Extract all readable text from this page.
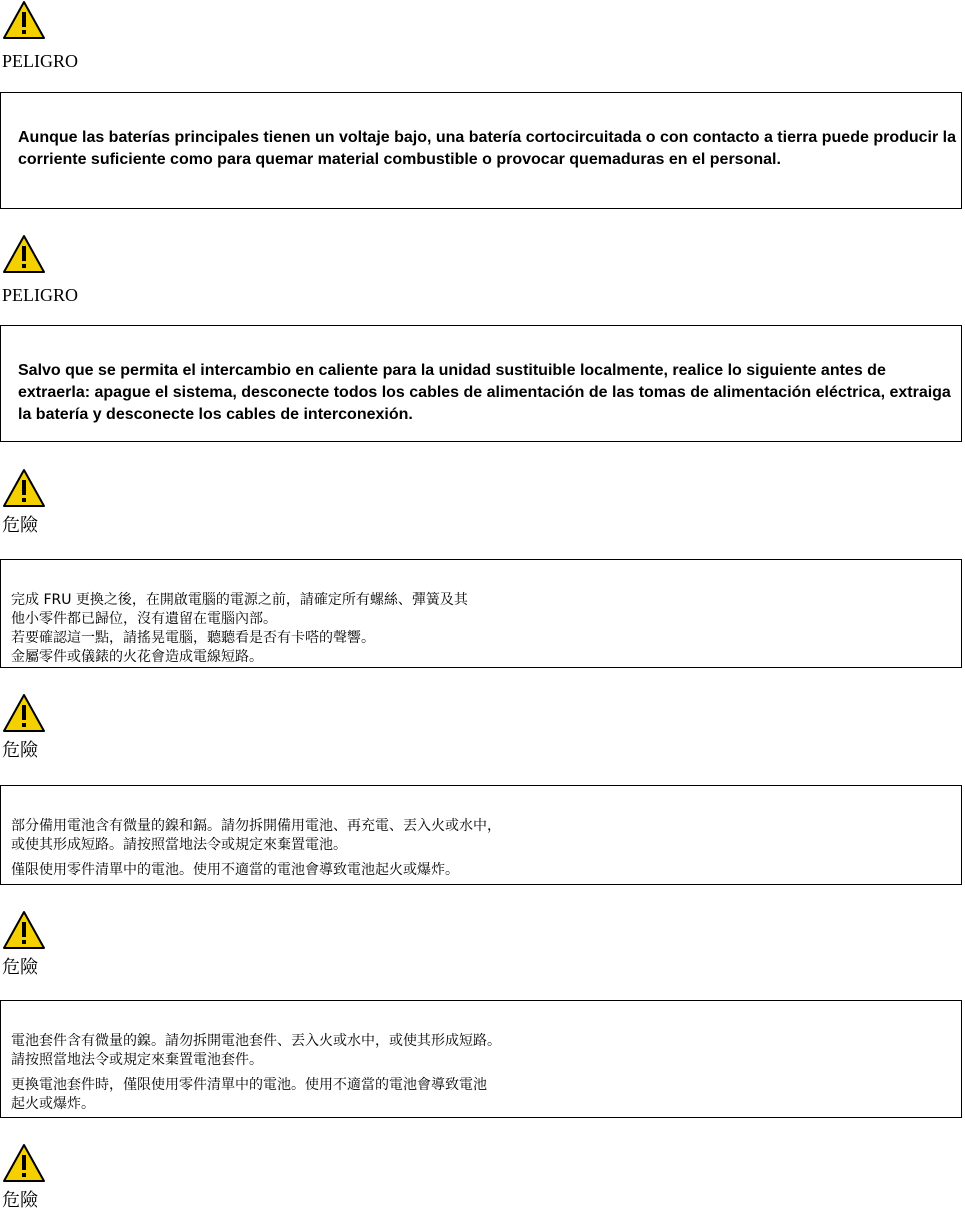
PELIGRO

Aunque las baterías principales tienen un voltaje bajo, una batería cortocircuitada o con contacto a tierra puede producir la corriente suficiente como para quemar material combustible o provocar quemaduras en el personal.

PELIGRO

Salvo que se permita el intercambio en caliente para la unidad sustituible localmente, realice lo siguiente antes de extraerla: apague el sistema, desconecte todos los cables de alimentación de las tomas de alimentación eléctrica, extraiga la batería y desconecte los cables de interconexión.

危險

完成 FRU 更換之後，在開啟電腦的電源之前，請確定所有螺絲、彈簧及其

他小零件都已歸位，沒有遺留在電腦內部。

若要確認這一點，請搖晃電腦，聽聽看是否有卡嗒的聲響。

金屬零件或儀錶的火花會造成電線短路。

危險

部分備用電池含有微量的鎳和鎘。請勿拆開備用電池、再充電、丟入火或水中，

或使其形成短路。請按照當地法令或規定來棄置電池。

僅限使用零件清單中的電池。使用不適當的電池會導致電池起火或爆炸。

危險

電池套件含有微量的鎳。請勿拆開電池套件、丟入火或水中，或使其形成短路。

請按照當地法令或規定來棄置電池套件。

更換電池套件時，僅限使用零件清單中的電池。使用不適當的電池會導致電池

起火或爆炸。

危險
